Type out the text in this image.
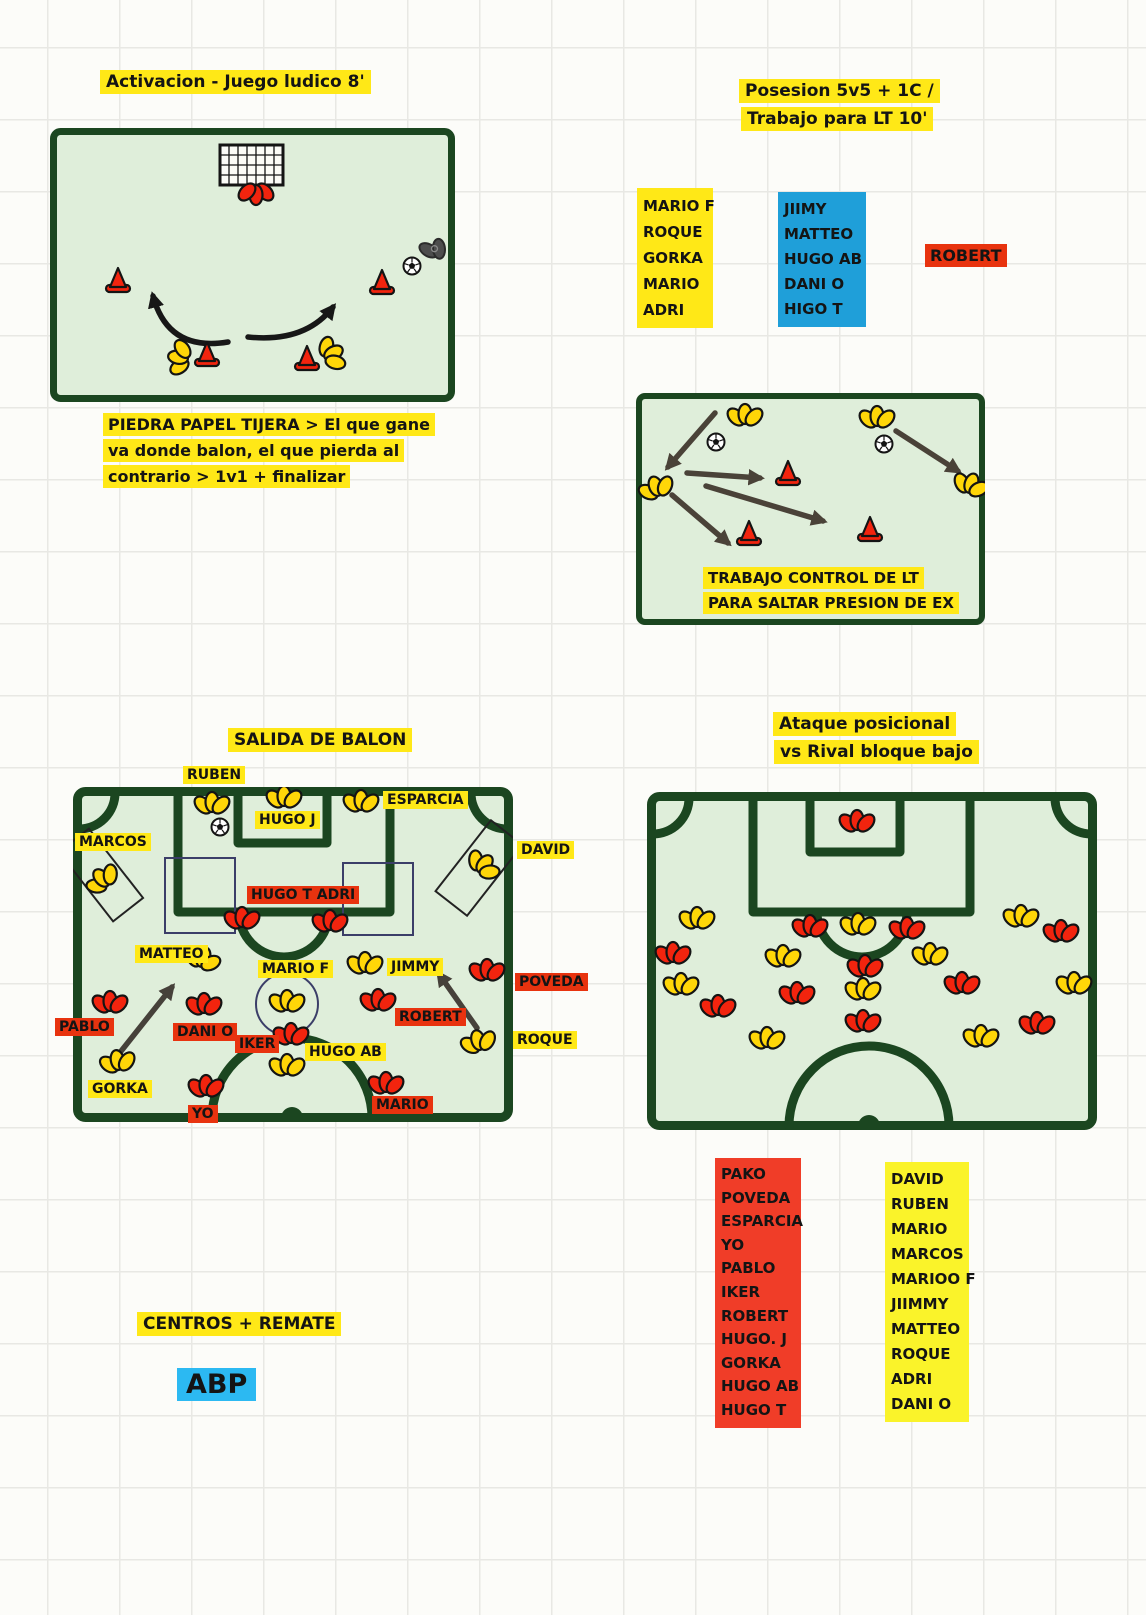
Activacion - Juego ludico 8'
PIEDRA PAPEL TIJERA > El que gane
va donde balon, el que pierda al
contrario > 1v1 + finalizar
Posesion 5v5 + 1C /
Trabajo para LT 10'
MARIO F
ROQUE
GORKA
MARIO
ADRI
JIIMY
MATTEO
HUGO AB
DANI O
HIGO T
ROBERT
TRABAJO CONTROL DE LT
PARA SALTAR PRESION DE EX
SALIDA DE BALON
Ataque posicional
vs Rival bloque bajo
PAKO
POVEDA
ESPARCIA
YO
PABLO
IKER
ROBERT
HUGO. J
GORKA
HUGO AB
HUGO T
DAVID
RUBEN
MARIO
MARCOS
MARIOO F
JIIMMY
MATTEO
ROQUE
ADRI
DANI O
CENTROS + REMATE
ABP
RUBEN
ESPARCIA
MARCOS
HUGO J
DAVID
HUGO T ADRI
MATTEO
MARIO F	JIMMY
POVEDA
PABLO	DANI O
ROBERT
IKER HUGO AB
ROQUE
GORKA
YO
MARIO
